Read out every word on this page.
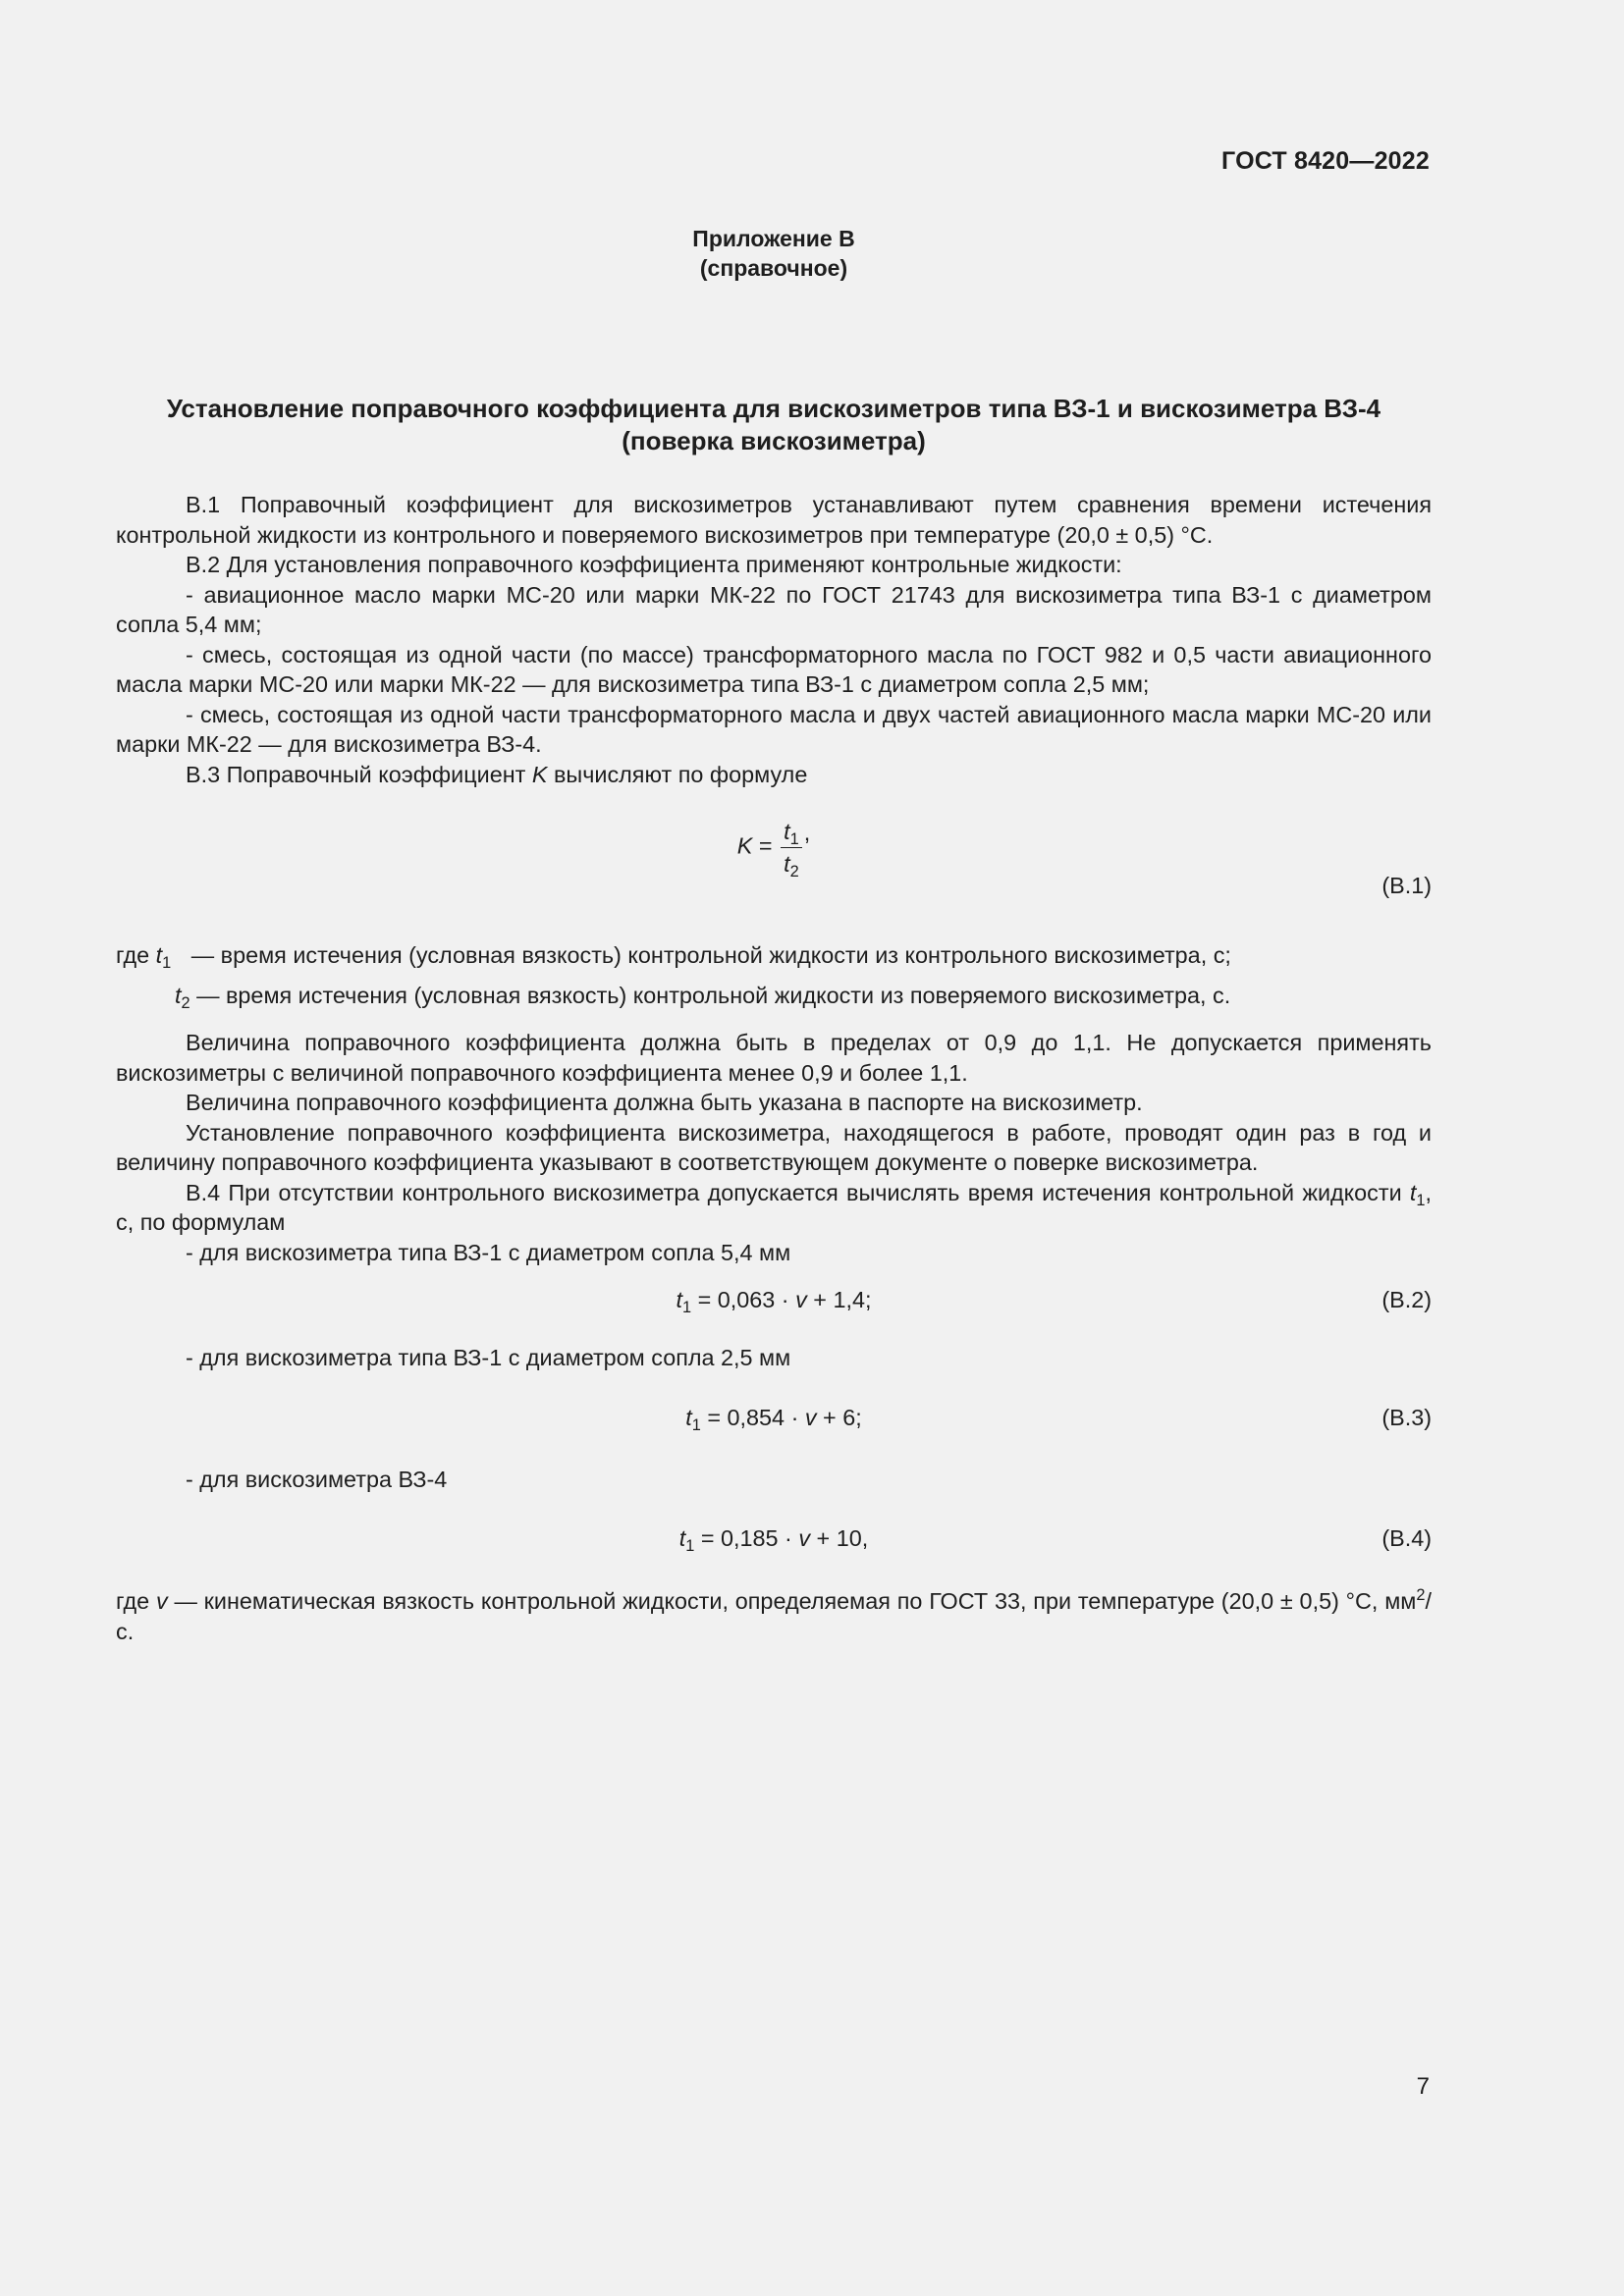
ГОСТ 8420—2022
Приложение В
(справочное)
Установление поправочного коэффициента для вискозиметров типа ВЗ-1 и вискозиметра ВЗ-4
(поверка вискозиметра)

В.1 Поправочный коэффициент для вискозиметров устанавливают путем сравнения времени истечения контрольной жидкости из контрольного и поверяемого вискозиметров при температуре (20,0 ± 0,5) °С.

В.2 Для установления поправочного коэффициента применяют контрольные жидкости:

- авиационное масло марки МС-20 или марки МК-22 по ГОСТ 21743 для вискозиметра типа ВЗ-1 с диаметром сопла 5,4 мм;

- смесь, состоящая из одной части (по массе) трансформаторного масла по ГОСТ 982 и 0,5 части авиационного масла марки МС-20 или марки МК-22 — для вискозиметра типа ВЗ-1 с диаметром сопла 2,5 мм;

- смесь, состоящая из одной части трансформаторного масла и двух частей авиационного масла марки МС-20 или марки МК-22 — для вискозиметра ВЗ-4.

В.3 Поправочный коэффициент K вычисляют по формуле

$K = \frac{t_1}{t_2}$ ,
(В.1)
где $t_1$ — время истечения (условная вязкость) контрольной жидкости из контрольного вискозиметра, с;
$t_2$ — время истечения (условная вязкость) контрольной жидкости из поверяемого вискозиметра, с.

Величина поправочного коэффициента должна быть в пределах от 0,9 до 1,1. Не допускается применять вискозиметры с величиной поправочного коэффициента менее 0,9 и более 1,1.

Величина поправочного коэффициента должна быть указана в паспорте на вискозиметр.

Установление поправочного коэффициента вискозиметра, находящегося в работе, проводят один раз в год и величину поправочного коэффициента указывают в соответствующем документе о поверке вискозиметра.

В.4 При отсутствии контрольного вискозиметра допускается вычислять время истечения контрольной жидкости $t_1$, с, по формулам

- для вискозиметра типа ВЗ-1 с диаметром сопла 5,4 мм

$t_1 = 0,063 \cdot v + 1,4$;	(В.2)

- для вискозиметра типа ВЗ-1 с диаметром сопла 2,5 мм

$t_1 = 0,854 \cdot v + 6$;	(В.3)

- для вискозиметра ВЗ-4

$t_1 = 0,185 \cdot v + 10$,	(В.4)

где v — кинематическая вязкость контрольной жидкости, определяемая по ГОСТ 33, при температуре (20,0 ± 0,5) °С, $мм^2/с$.

7
